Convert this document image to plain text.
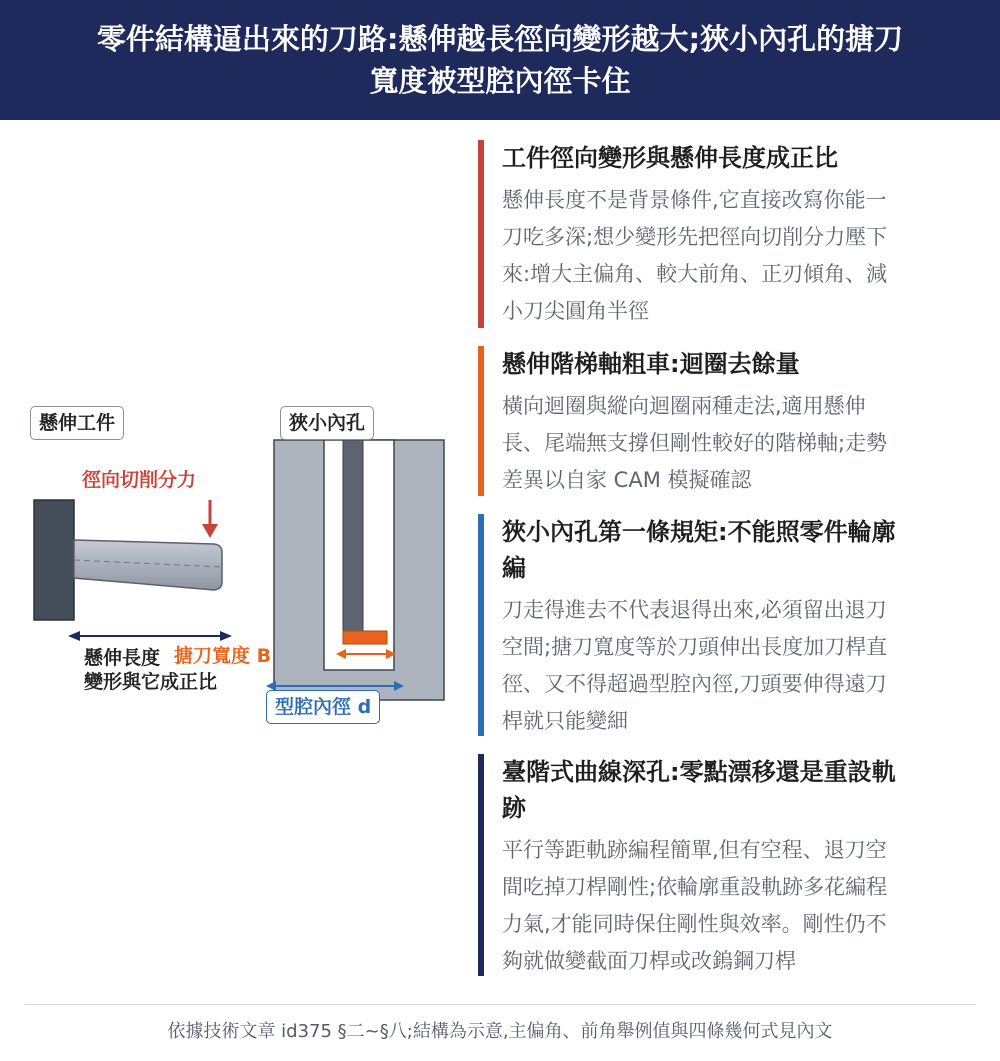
零件結構逼出來的刀路:懸伸越長徑向變形越大;狹小內孔的搪刀
寬度被型腔內徑卡住
懸伸工件	狹小內孔
徑向切削分力
懸伸長度
變形與它成正比
搪刀寬度 B
型腔內徑 d
工件徑向變形與懸伸長度成正比

懸伸長度不是背景條件,它直接改寫你能一
刀吃多深;想少變形先把徑向切削分力壓下
來:增大主偏角、較大前角、正刃傾角、減
小刀尖圓角半徑

懸伸階梯軸粗車:迴圈去餘量

橫向迴圈與縱向迴圈兩種走法,適用懸伸
長、尾端無支撐但剛性較好的階梯軸;走勢
差異以自家 CAM 模擬確認

狹小內孔第一條規矩:不能照零件輪廓
編

刀走得進去不代表退得出來,必須留出退刀
空間;搪刀寬度等於刀頭伸出長度加刀桿直
徑、又不得超過型腔內徑,刀頭要伸得遠刀
桿就只能變細

臺階式曲線深孔:零點漂移還是重設軌
跡

平行等距軌跡編程簡單,但有空程、退刀空
間吃掉刀桿剛性;依輪廓重設軌跡多花編程
力氣,才能同時保住剛性與效率。剛性仍不
夠就做變截面刀桿或改鎢鋼刀桿

依據技術文章 id375 §二~§八;結構為示意,主偏角、前角舉例值與四條幾何式見內文
